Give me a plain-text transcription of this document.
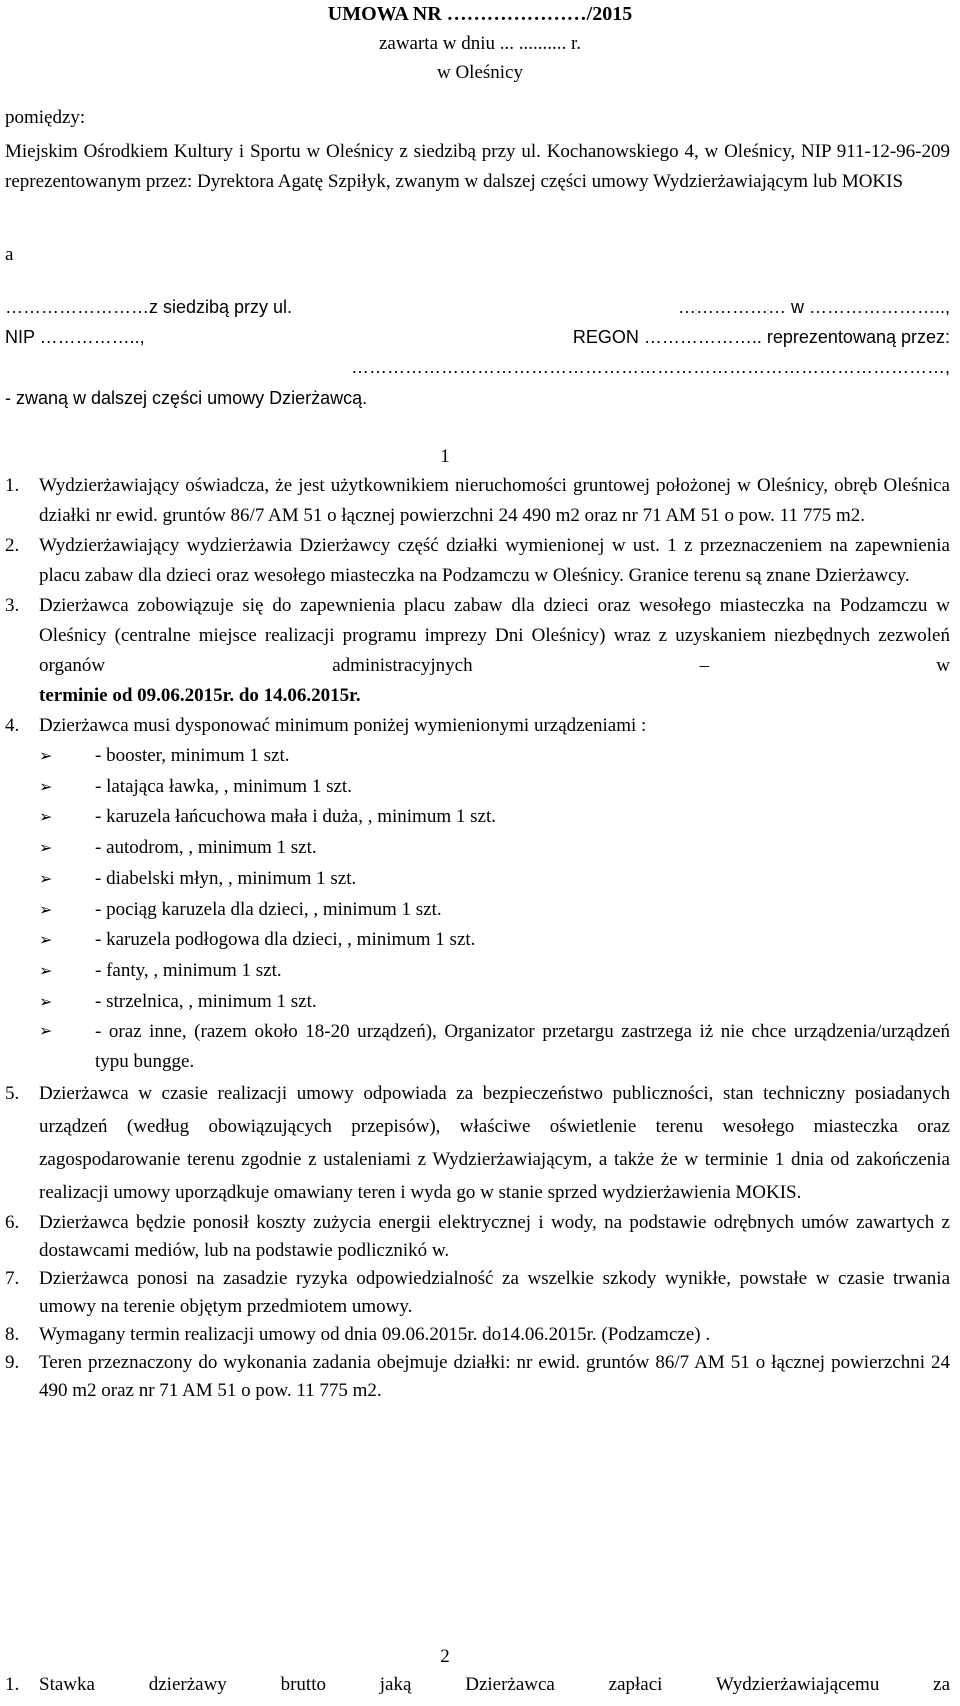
UMOWA NR …………………/2015
zawarta w dniu ... .......... r.
w Oleśnicy
pomiędzy:
Miejskim Ośrodkiem Kultury i Sportu w Oleśnicy z siedzibą przy ul. Kochanowskiego 4, w Oleśnicy, NIP 911-12-96-209 reprezentowanym przez: Dyrektora Agatę Szpiłyk, zwanym w dalszej części umowy Wydzierżawiającym lub MOKIS
a
……………………z siedzibą przy ul.	……………… w …………………..,
NIP ……………..,	REGON ……………….. reprezentowaną przez:
………………………………………………………………………………………,
- zwaną w dalszej części umowy Dzierżawcą.
1
1.	Wydzierżawiający oświadcza, że jest użytkownikiem nieruchomości gruntowej położonej w Oleśnicy, obręb Oleśnica działki nr ewid. gruntów 86/7 AM 51 o łącznej powierzchni 24 490 m2 oraz nr 71 AM 51 o pow. 11 775 m2.
2.	Wydzierżawiający wydzierżawia Dzierżawcy część działki wymienionej w ust. 1 z przeznaczeniem na zapewnienia placu zabaw dla dzieci oraz wesołego miasteczka na Podzamczu w Oleśnicy. Granice terenu są znane Dzierżawcy.
3.	Dzierżawca zobowiązuje się do zapewnienia placu zabaw dla dzieci oraz wesołego miasteczka na Podzamczu w Oleśnicy (centralne miejsce realizacji programu imprezy Dni Oleśnicy) wraz z uzyskaniem niezbędnych zezwoleń organów administracyjnych – w
terminie od 09.06.2015r. do 14.06.2015r.
4.	Dzierżawca musi dysponować minimum poniżej wymienionymi urządzeniami :
➢	- booster, minimum 1 szt.
➢	- latająca ławka, , minimum 1 szt.
➢	- karuzela łańcuchowa mała i duża, , minimum 1 szt.
➢	- autodrom, , minimum 1 szt.
➢	- diabelski młyn, , minimum 1 szt.
➢	- pociąg karuzela dla dzieci, , minimum 1 szt.
➢	- karuzela podłogowa dla dzieci, , minimum 1 szt.
➢	- fanty, , minimum 1 szt.
➢	- strzelnica, , minimum 1 szt.
➢	- oraz inne, (razem około 18-20 urządzeń), Organizator przetargu zastrzega iż nie chce urządzenia/urządzeń typu bungge.
5.	Dzierżawca w czasie realizacji umowy odpowiada za bezpieczeństwo publiczności, stan techniczny posiadanych urządzeń (według obowiązujących przepisów), właściwe oświetlenie terenu wesołego miasteczka oraz zagospodarowanie terenu zgodnie z ustaleniami z Wydzierżawiającym, a także że w terminie 1 dnia od zakończenia realizacji umowy uporządkuje omawiany teren i wyda go w stanie sprzed wydzierżawienia MOKIS.
6.	Dzierżawca będzie ponosił koszty zużycia energii elektrycznej i wody, na podstawie odrębnych umów zawartych z dostawcami mediów, lub na podstawie podlicznikó w.
7.	Dzierżawca ponosi na zasadzie ryzyka odpowiedzialność za wszelkie szkody wynikłe, powstałe w czasie trwania umowy na terenie objętym przedmiotem umowy.
8.	Wymagany termin realizacji umowy od dnia 09.06.2015r. do14.06.2015r. (Podzamcze) .
9.	Teren przeznaczony do wykonania zadania obejmuje działki: nr ewid. gruntów 86/7 AM 51 o łącznej powierzchni 24 490 m2 oraz nr 71 AM 51 o pow. 11 775 m2.
2
1.	Stawka dzierżawy brutto jaką Dzierżawca zapłaci Wydzierżawiającemu za
